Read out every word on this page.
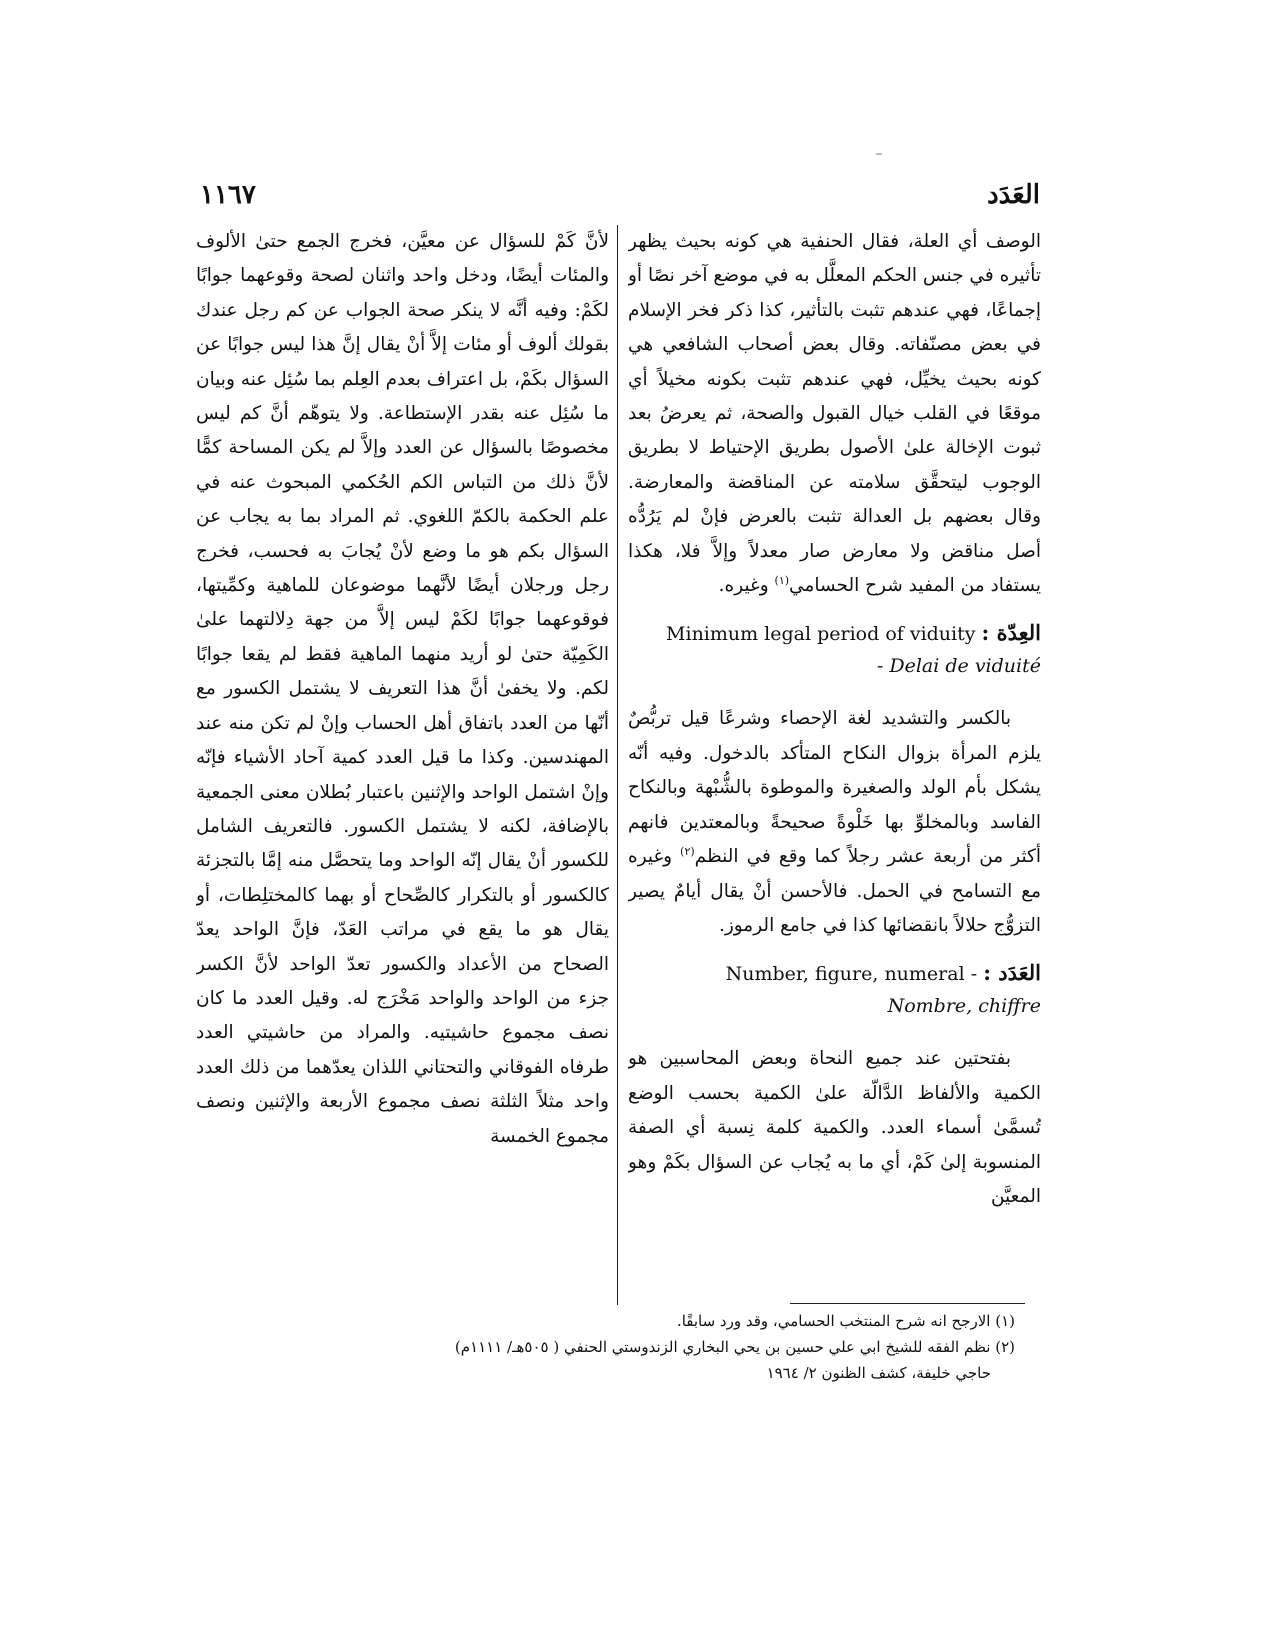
العَدَد
١١٦٧

الوصف أي العلة، فقال الحنفية هي كونه بحيث يظهر تأثيره في جنس الحكم المعلَّل به في موضع آخر نصًا أو إجماعًا، فهي عندهم تثبت بالتأثير، كذا ذكر فخر الإسلام في بعض مصنّفاته. وقال بعض أصحاب الشافعي هي كونه بحيث يخيِّل، فهي عندهم تثبت بكونه مخيلاً أي موقعًا في القلب خيال القبول والصحة، ثم يعرضُ بعد ثبوت الإخالة علىٰ الأصول بطريق الإحتياط لا بطريق الوجوب ليتحقَّق سلامته عن المناقضة والمعارضة. وقال بعضهم بل العدالة تثبت بالعرض فإنْ لم يَرُدُّه أصل مناقض ولا معارض صار معدلاً وإلاَّ فلا، هكذا يستفاد من المفيد شرح الحسامي$^{(١)}$ وغيره.

Minimum legal period of viduity العِدّة :
- Delai de viduité

بالكسر والتشديد لغة الإحصاء وشرعًا قيل تربُّصٌ يلزم المرأة بزوال النكاح المتأكد بالدخول. وفيه أنّه يشكل بأم الولد والصغيرة والموطوة بالشُّبْهة وبالنكاح الفاسد وبالمخلوِّ بها خَلْوةً صحيحةً وبالمعتدين فانهم أكثر من أربعة عشر رجلاً كما وقع في النظم$^{(٢)}$ وغيره مع التسامح في الحمل. فالأحسن أنْ يقال أيامٌ يصير التزوُّج حلالاً بانقضائها كذا في جامع الرموز.

Number, figure, numeral - العَدَد :
Nombre, chiffre

بفتحتين عند جميع النحاة وبعض المحاسبين هو الكمية والألفاظ الدَّالّة علىٰ الكمية بحسب الوضع تُسمَّىٰ أسماء العدد. والكمية كلمة نِسبة أي الصفة المنسوبة إلىٰ كَمْ، أي ما به يُجاب عن السؤال بكَمْ وهو المعيَّن

لأنَّ كَمْ للسؤال عن معيَّن، فخرج الجمع حتىٰ الألوف والمئات أيضًا، ودخل واحد واثنان لصحة وقوعهما جوابًا لكَمْ: وفيه أنَّه لا ينكر صحة الجواب عن كم رجل عندك بقولك ألوف أو مئات إلاَّ أنْ يقال إنَّ هذا ليس جوابًا عن السؤال بكَمْ، بل اعتراف بعدم العِلم بما سُئِل عنه وبيان ما سُئِل عنه بقدر الإستطاعة. ولا يتوهّم أنَّ كم ليس مخصوصًا بالسؤال عن العدد وإلاَّ لم يكن المساحة كمًّا لأنَّ ذلك من التباس الكم الحُكمي المبحوث عنه في علم الحكمة بالكمّ اللغوي. ثم المراد بما به يجاب عن السؤال بكم هو ما وضع لأنْ يُجابَ به فحسب، فخرج رجل ورجلان أيضًا لأنَّهما موضوعان للماهية وكمِّيتها، فوقوعهما جوابًا لكَمْ ليس إلاَّ من جهة دِلالتهما علىٰ الكَمِيّة حتىٰ لو أريد منهما الماهية فقط لم يقعا جوابًا لكم. ولا يخفىٰ أنَّ هذا التعريف لا يشتمل الكسور مع أنّها من العدد باتفاق أهل الحساب وإنْ لم تكن منه عند المهندسين. وكذا ما قيل العدد كمية آحاد الأشياء فإنّه وإنْ اشتمل الواحد والإثنين باعتبار بُطلان معنى الجمعية بالإضافة، لكنه لا يشتمل الكسور. فالتعريف الشامل للكسور أنْ يقال إنّه الواحد وما يتحصَّل منه إمَّا بالتجزئة كالكسور أو بالتكرار كالصِّحاح أو بهما كالمختلِطات، أو يقال هو ما يقع في مراتب العَدّ، فإنَّ الواحد يعدّ الصحاح من الأعداد والكسور تعدّ الواحد لأنَّ الكسر جزء من الواحد والواحد مَخْرَج له. وقيل العدد ما كان نصف مجموع حاشيتيه. والمراد من حاشيتي العدد طرفاه الفوقاني والتحتاني اللذان يعدّهما من ذلك العدد واحد مثلاً الثلثة نصف مجموع الأربعة والإثنين ونصف مجموع الخمسة

(١) الارجح انه شرح المنتخب الحسامي، وقد ورد سابقًا.

(٢) نظم الفقه للشيخ ابي علي حسين بن يحي البخاري الزندوستي الحنفي ( ٥٠٥هـ/ ١١١١م)

حاجي خليفة، كشف الظنون ٢/ ١٩٦٤
